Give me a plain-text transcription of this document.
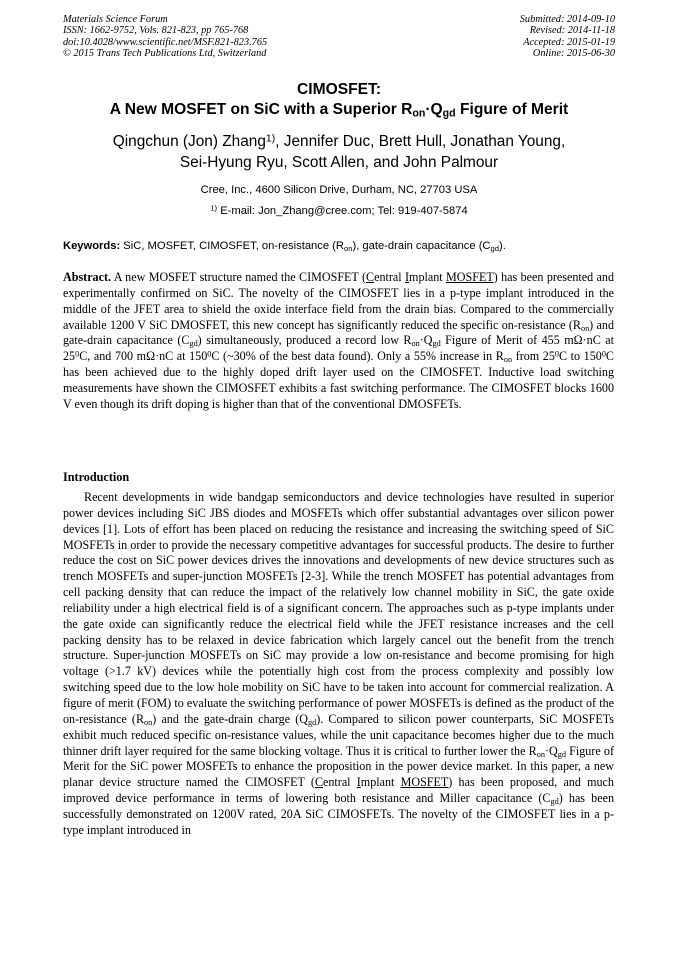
Materials Science Forum
ISSN: 1662-9752, Vols. 821-823, pp 765-768
doi:10.4028/www.scientific.net/MSF.821-823.765
© 2015 Trans Tech Publications Ltd, Switzerland
Submitted: 2014-09-10
Revised: 2014-11-18
Accepted: 2015-01-19
Online: 2015-06-30
CIMOSFET:
A New MOSFET on SiC with a Superior $R_{on}\cdot Q_{gd}$ Figure of Merit
Qingchun (Jon) Zhang$^{1)}$, Jennifer Duc, Brett Hull, Jonathan Young,
Sei-Hyung Ryu, Scott Allen, and John Palmour
Cree, Inc., 4600 Silicon Drive, Durham, NC, 27703 USA
$^{1)}$ E-mail: Jon_Zhang@cree.com; Tel: 919-407-5874
Keywords: SiC, MOSFET, CIMOSFET, on-resistance $(R_{on})$, gate-drain capacitance $(C_{gd})$.
Abstract. A new MOSFET structure named the CIMOSFET (Central Implant MOSFET) has been presented and experimentally confirmed on SiC. The novelty of the CIMOSFET lies in a p-type implant introduced in the middle of the JFET area to shield the oxide interface field from the drain bias. Compared to the commercially available 1200 V SiC DMOSFET, this new concept has significantly reduced the specific on-resistance $(R_{on})$ and gate-drain capacitance $(C_{gd})$ simultaneously, produced a record low $R_{on}\cdot Q_{gd}$ Figure of Merit of 455 mΩ·nC at $25^0C$, and 700 mΩ·nC at $150^0C$ (~30% of the best data found). Only a 55% increase in $R_{on}$ from $25^0C$ to $150^0C$ has been achieved due to the highly doped drift layer used on the CIMOSFET. Inductive load switching measurements have shown the CIMOSFET exhibits a fast switching performance. The CIMOSFET blocks 1600 V even though its drift doping is higher than that of the conventional DMOSFETs.
Introduction
Recent developments in wide bandgap semiconductors and device technologies have resulted in superior power devices including SiC JBS diodes and MOSFETs which offer substantial advantages over silicon power devices [1]. Lots of effort has been placed on reducing the resistance and increasing the switching speed of SiC MOSFETs in order to provide the necessary competitive advantages for successful products. The desire to further reduce the cost on SiC power devices drives the innovations and developments of new device structures such as trench MOSFETs and super-junction MOSFETs [2-3]. While the trench MOSFET has potential advantages from cell packing density that can reduce the impact of the relatively low channel mobility in SiC, the gate oxide reliability under a high electrical field is of a significant concern. The approaches such as p-type implants under the gate oxide can significantly reduce the electrical field while the JFET resistance increases and the cell packing density has to be relaxed in device fabrication which largely cancel out the benefit from the trench structure. Super-junction MOSFETs on SiC may provide a low on-resistance and become promising for high voltage (>1.7 kV) devices while the potentially high cost from the process complexity and possibly low switching speed due to the low hole mobility on SiC have to be taken into account for commercial realization. A figure of merit (FOM) to evaluate the switching performance of power MOSFETs is defined as the product of the on-resistance $(R_{on})$ and the gate-drain charge $(Q_{gd})$. Compared to silicon power counterparts, SiC MOSFETs exhibit much reduced specific on-resistance values, while the unit capacitance becomes higher due to the much thinner drift layer required for the same blocking voltage. Thus it is critical to further lower the $R_{on}\cdot Q_{gd}$ Figure of Merit for the SiC power MOSFETs to enhance the proposition in the power device market. In this paper, a new planar device structure named the CIMOSFET (Central Implant MOSFET) has been proposed, and much improved device performance in terms of lowering both resistance and Miller capacitance $(C_{gd})$ has been successfully demonstrated on 1200V rated, 20A SiC CIMOSFETs. The novelty of the CIMOSFET lies in a p-type implant introduced in
